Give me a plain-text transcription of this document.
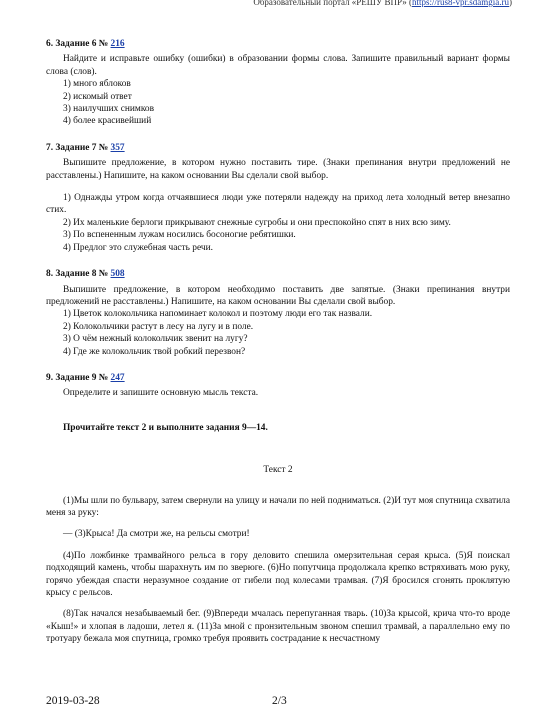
Образовательный портал «РЕШУ ВПР» (https://rus8-vpr.sdamgia.ru)
6. Задание 6 № 216
Найдите и исправьте ошибку (ошибки) в образовании формы слова. Запишите правильный вариант формы слова (слов).
1) много яблоков
2) искомый ответ
3) наилучших снимков
4) более красивейший
7. Задание 7 № 357
Выпишите предложение, в котором нужно поставить тире. (Знаки препинания внутри предложений не расставлены.) Напишите, на каком основании Вы сделали свой выбор.
1) Однажды утром когда отчаявшиеся люди уже потеряли надежду на приход лета холодный ветер внезапно стих.
2) Их маленькие берлоги прикрывают снежные сугробы и они преспокойно спят в них всю зиму.
3) По вспененным лужам носились босоногие ребятишки.
4) Предлог это служебная часть речи.
8. Задание 8 № 508
Выпишите предложение, в котором необходимо поставить две запятые. (Знаки препинания внутри предложений не расставлены.) Напишите, на каком основании Вы сделали свой выбор.
1) Цветок колокольчика напоминает колокол и поэтому люди его так назвали.
2) Колокольчики растут в лесу на лугу и в поле.
3) О чём нежный колокольчик звенит на лугу?
4) Где же колокольчик твой робкий перезвон?
9. Задание 9 № 247
Определите и запишите основную мысль текста.
Прочитайте текст 2 и выполните задания 9—14.
Текст 2
(1)Мы шли по бульвару, затем свернули на улицу и начали по ней подниматься. (2)И тут моя спутница схватила меня за руку:
— (3)Крыса! Да смотри же, на рельсы смотри!
(4)По ложбинке трамвайного рельса в гору деловито спешила омерзительная серая крыса. (5)Я поискал подходящий камень, чтобы шарахнуть им по зверюге. (6)Но попутчица продолжала крепко встряхивать мою руку, горячо убеждая спасти неразумное создание от гибели под колесами трамвая. (7)Я бросился сгонять проклятую крысу с рельсов.
(8)Так начался незабываемый бег. (9)Впереди мчалась перепуганная тварь. (10)За крысой, крича что-то вроде «Кыш!» и хлопая в ладоши, летел я. (11)За мной с пронзительным звоном спешил трамвай, а параллельно ему по тротуару бежала моя спутница, громко требуя проявить сострадание к несчастному
2019-03-28	2/3
